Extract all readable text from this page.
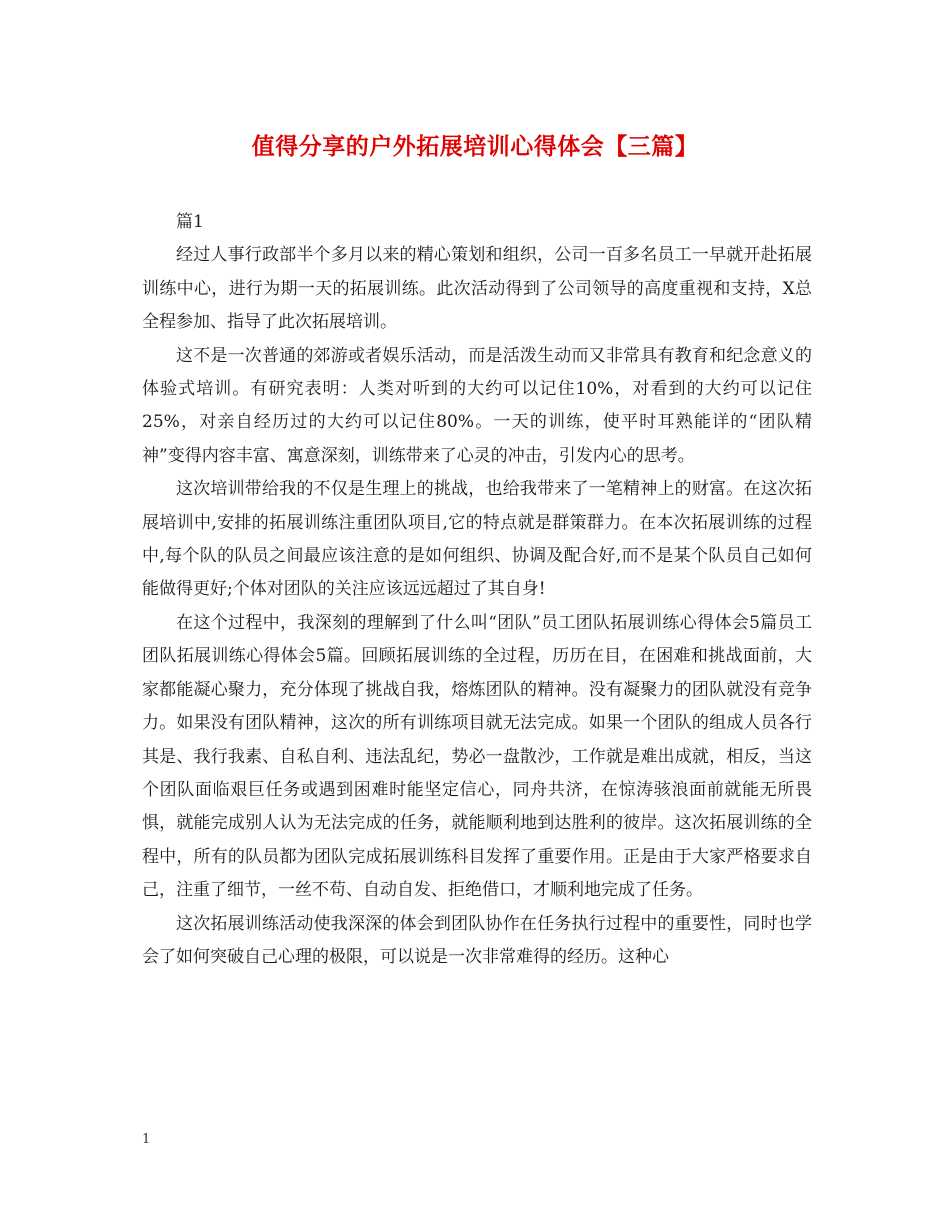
值得分享的户外拓展培训心得体会【三篇】

篇1

经过人事行政部半个多月以来的精心策划和组织，公司一百多名员工一早就开赴拓展训练中心，进行为期一天的拓展训练。此次活动得到了公司领导的高度重视和支持，X总全程参加、指导了此次拓展培训。

这不是一次普通的郊游或者娱乐活动，而是活泼生动而又非常具有教育和纪念意义的体验式培训。有研究表明：人类对听到的大约可以记住10%，对看到的大约可以记住25%，对亲自经历过的大约可以记住80%。一天的训练，使平时耳熟能详的“团队精神”变得内容丰富、寓意深刻，训练带来了心灵的冲击，引发内心的思考。

这次培训带给我的不仅是生理上的挑战，也给我带来了一笔精神上的财富。在这次拓展培训中,安排的拓展训练注重团队项目,它的特点就是群策群力。在本次拓展训练的过程中,每个队的队员之间最应该注意的是如何组织、协调及配合好,而不是某个队员自己如何能做得更好;个体对团队的关注应该远远超过了其自身!

在这个过程中，我深刻的理解到了什么叫“团队”员工团队拓展训练心得体会5篇员工团队拓展训练心得体会5篇。回顾拓展训练的全过程，历历在目，在困难和挑战面前，大家都能凝心聚力，充分体现了挑战自我，熔炼团队的精神。没有凝聚力的团队就没有竞争力。如果没有团队精神，这次的所有训练项目就无法完成。如果一个团队的组成人员各行其是、我行我素、自私自利、违法乱纪，势必一盘散沙，工作就是难出成就，相反，当这个团队面临艰巨任务或遇到困难时能坚定信心，同舟共济，在惊涛骇浪面前就能无所畏惧，就能完成别人认为无法完成的任务，就能顺利地到达胜利的彼岸。这次拓展训练的全程中，所有的队员都为团队完成拓展训练科目发挥了重要作用。正是由于大家严格要求自己，注重了细节，一丝不苟、自动自发、拒绝借口，才顺利地完成了任务。

这次拓展训练活动使我深深的体会到团队协作在任务执行过程中的重要性，同时也学会了如何突破自己心理的极限，可以说是一次非常难得的经历。这种心

1
